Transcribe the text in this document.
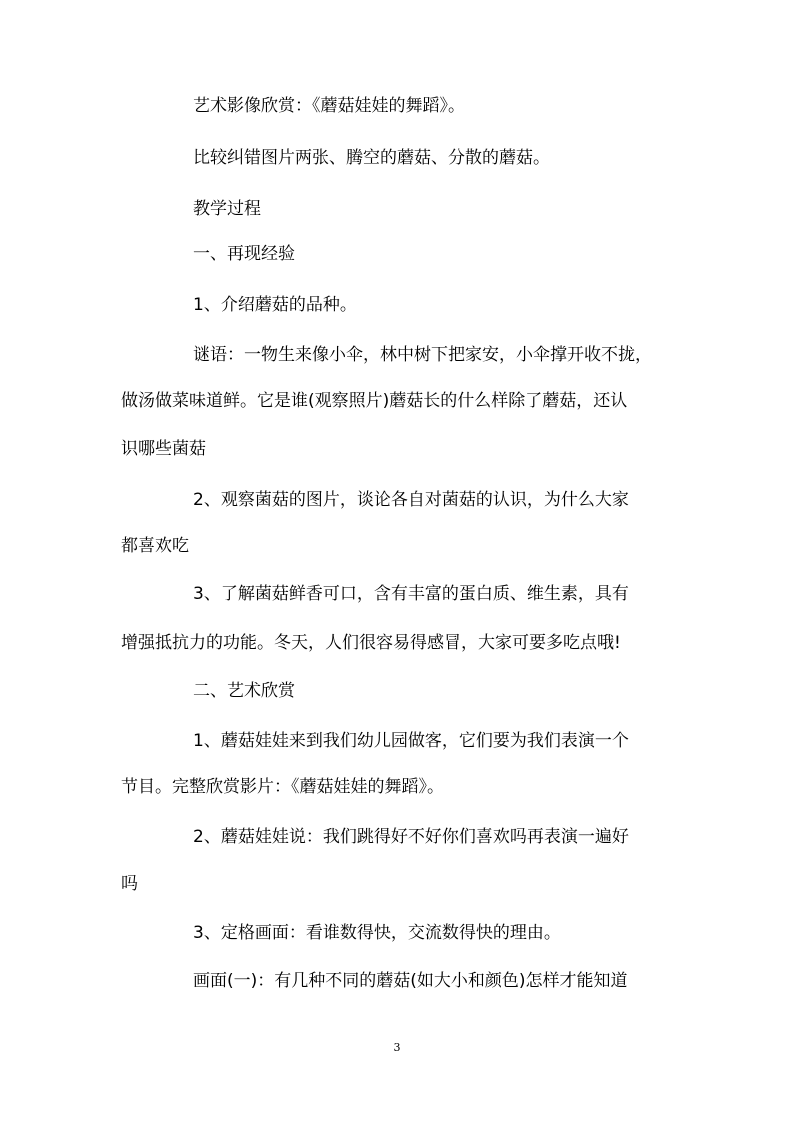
艺术影像欣赏：《蘑菇娃娃的舞蹈》。
比较纠错图片两张、腾空的蘑菇、分散的蘑菇。
教学过程
一、再现经验
1、介绍蘑菇的品种。
谜语：一物生来像小伞，林中树下把家安，小伞撑开收不拢，
做汤做菜味道鲜。它是谁(观察照片)蘑菇长的什么样除了蘑菇，还认
识哪些菌菇
2、观察菌菇的图片，谈论各自对菌菇的认识，为什么大家
都喜欢吃
3、了解菌菇鲜香可口，含有丰富的蛋白质、维生素，具有
增强抵抗力的功能。冬天，人们很容易得感冒，大家可要多吃点哦!
二、艺术欣赏
1、蘑菇娃娃来到我们幼儿园做客，它们要为我们表演一个
节目。完整欣赏影片：《蘑菇娃娃的舞蹈》。
2、蘑菇娃娃说：我们跳得好不好你们喜欢吗再表演一遍好
吗
3、定格画面：看谁数得快，交流数得快的理由。
画面(一)：有几种不同的蘑菇(如大小和颜色)怎样才能知道
3
